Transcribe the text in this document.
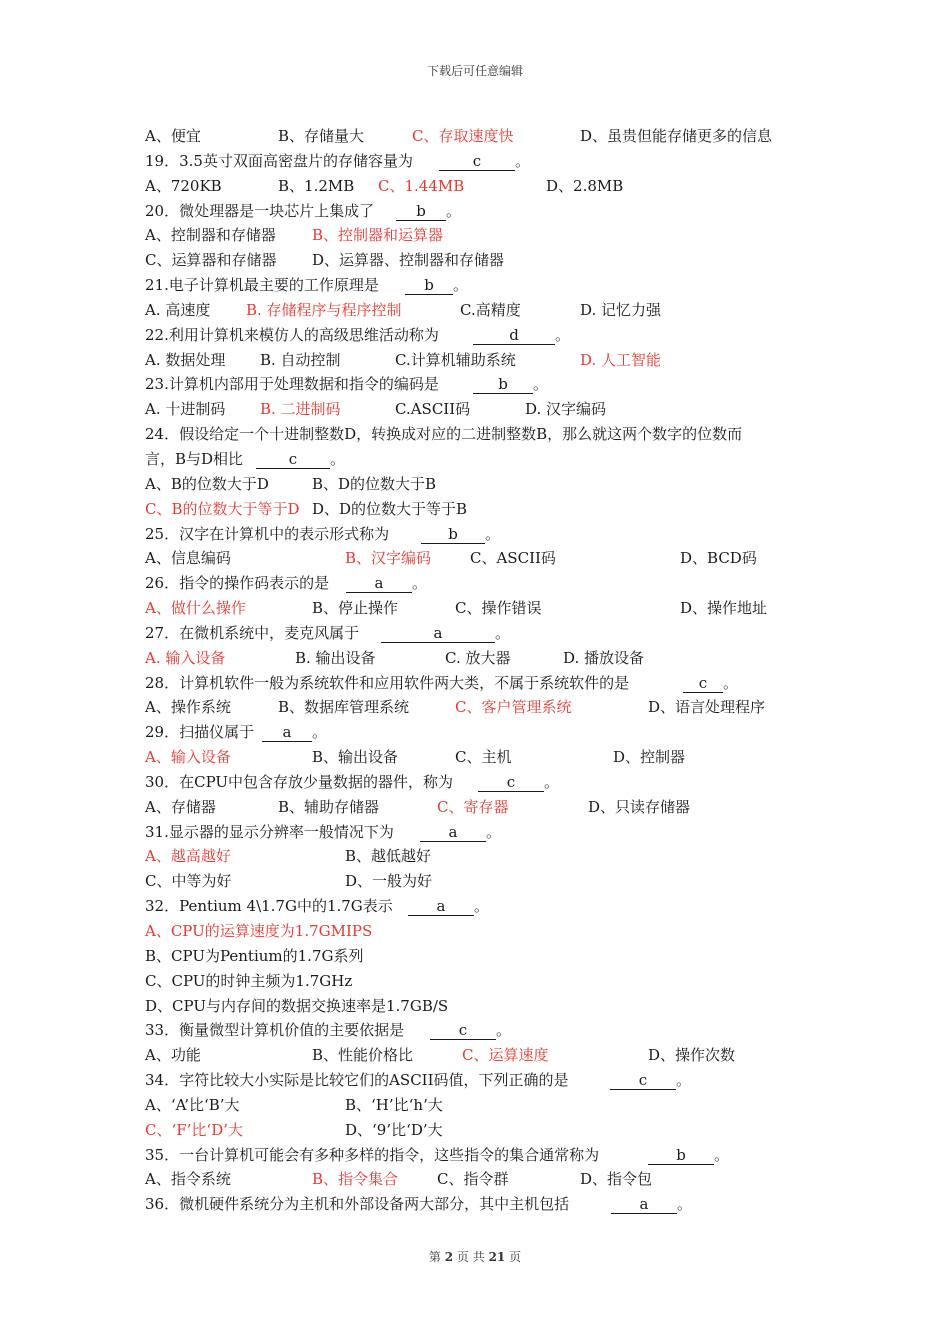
下载后可任意编辑
A、便宜	B、存储量大	C、存取速度快	D、虽贵但能存储更多的信息
19．3.5英寸双面高密盘片的存储容量为	c	。
A、720KB	B、1.2MB C、1.44MB	D、2.8MB
20．微处理器是一块芯片上集成了	b	。
A、控制器和存储器 B、控制器和运算器
C、运算器和存储器 D、运算器、控制器和存储器
21.电子计算机最主要的工作原理是	b	。
A. 高速度 B. 存储程序与程序控制	C.高精度	D. 记忆力强
22.利用计算机来模仿人的高级思维活动称为	d	。
A. 数据处理 B. 自动控制	C.计算机辅助系统	D. 人工智能
23.计算机内部用于处理数据和指令的编码是	b	。
A. 十进制码 B. 二进制码	C.ASCII码	D. 汉字编码
24．假设给定一个十进制整数D，转换成对应的二进制整数B，那么就这两个数字的位数而
言，B与D相比	c	。
A、B的位数大于D	B、D的位数大于B
C、B的位数大于等于D D、D的位数大于等于B
25．汉字在计算机中的表示形式称为	b	。
A、信息编码	B、汉字编码	C、ASCII码	D、BCD码
26．指令的操作码表示的是	a	。
A、做什么操作	B、停止操作	C、操作错误	D、操作地址
27．在微机系统中，麦克风属于	a	。
A. 输入设备	B. 输出设备	C. 放大器	D. 播放设备
28．计算机软件一般为系统软件和应用软件两大类，不属于系统软件的是	c	。
A、操作系统	B、数据库管理系统	C、客户管理系统	D、语言处理程序
29．扫描仪属于	a	。
A、输入设备	B、输出设备	C、主机	D、控制器
30．在CPU中包含存放少量数据的器件，称为	c	。
A、存储器	B、辅助存储器	C、寄存器	D、只读存储器
31.显示器的显示分辨率一般情况下为	a	。
A、越高越好	B、越低越好
C、中等为好	D、一般为好
32．Pentium 4\1.7G中的1.7G表示	a	。
A、CPU的运算速度为1.7GMIPS
B、CPU为Pentium的1.7G系列
C、CPU的时钟主频为1.7GHz
D、CPU与内存间的数据交换速率是1.7GB/S
33．衡量微型计算机价值的主要依据是	c	。
A、功能	B、性能价格比	C、运算速度	D、操作次数
34．字符比较大小实际是比较它们的ASCII码值，下列正确的是	c	。
A、‘A’比‘B’大	B、‘H’比‘h’大
C、‘F’比‘D’大	D、‘9’比‘D’大
35．一台计算机可能会有多种多样的指令，这些指令的集合通常称为	b	。
A、指令系统	B、指令集合	C、指令群	D、指令包
36．微机硬件系统分为主机和外部设备两大部分，其中主机包括	a	。
第 2 页 共 21 页
